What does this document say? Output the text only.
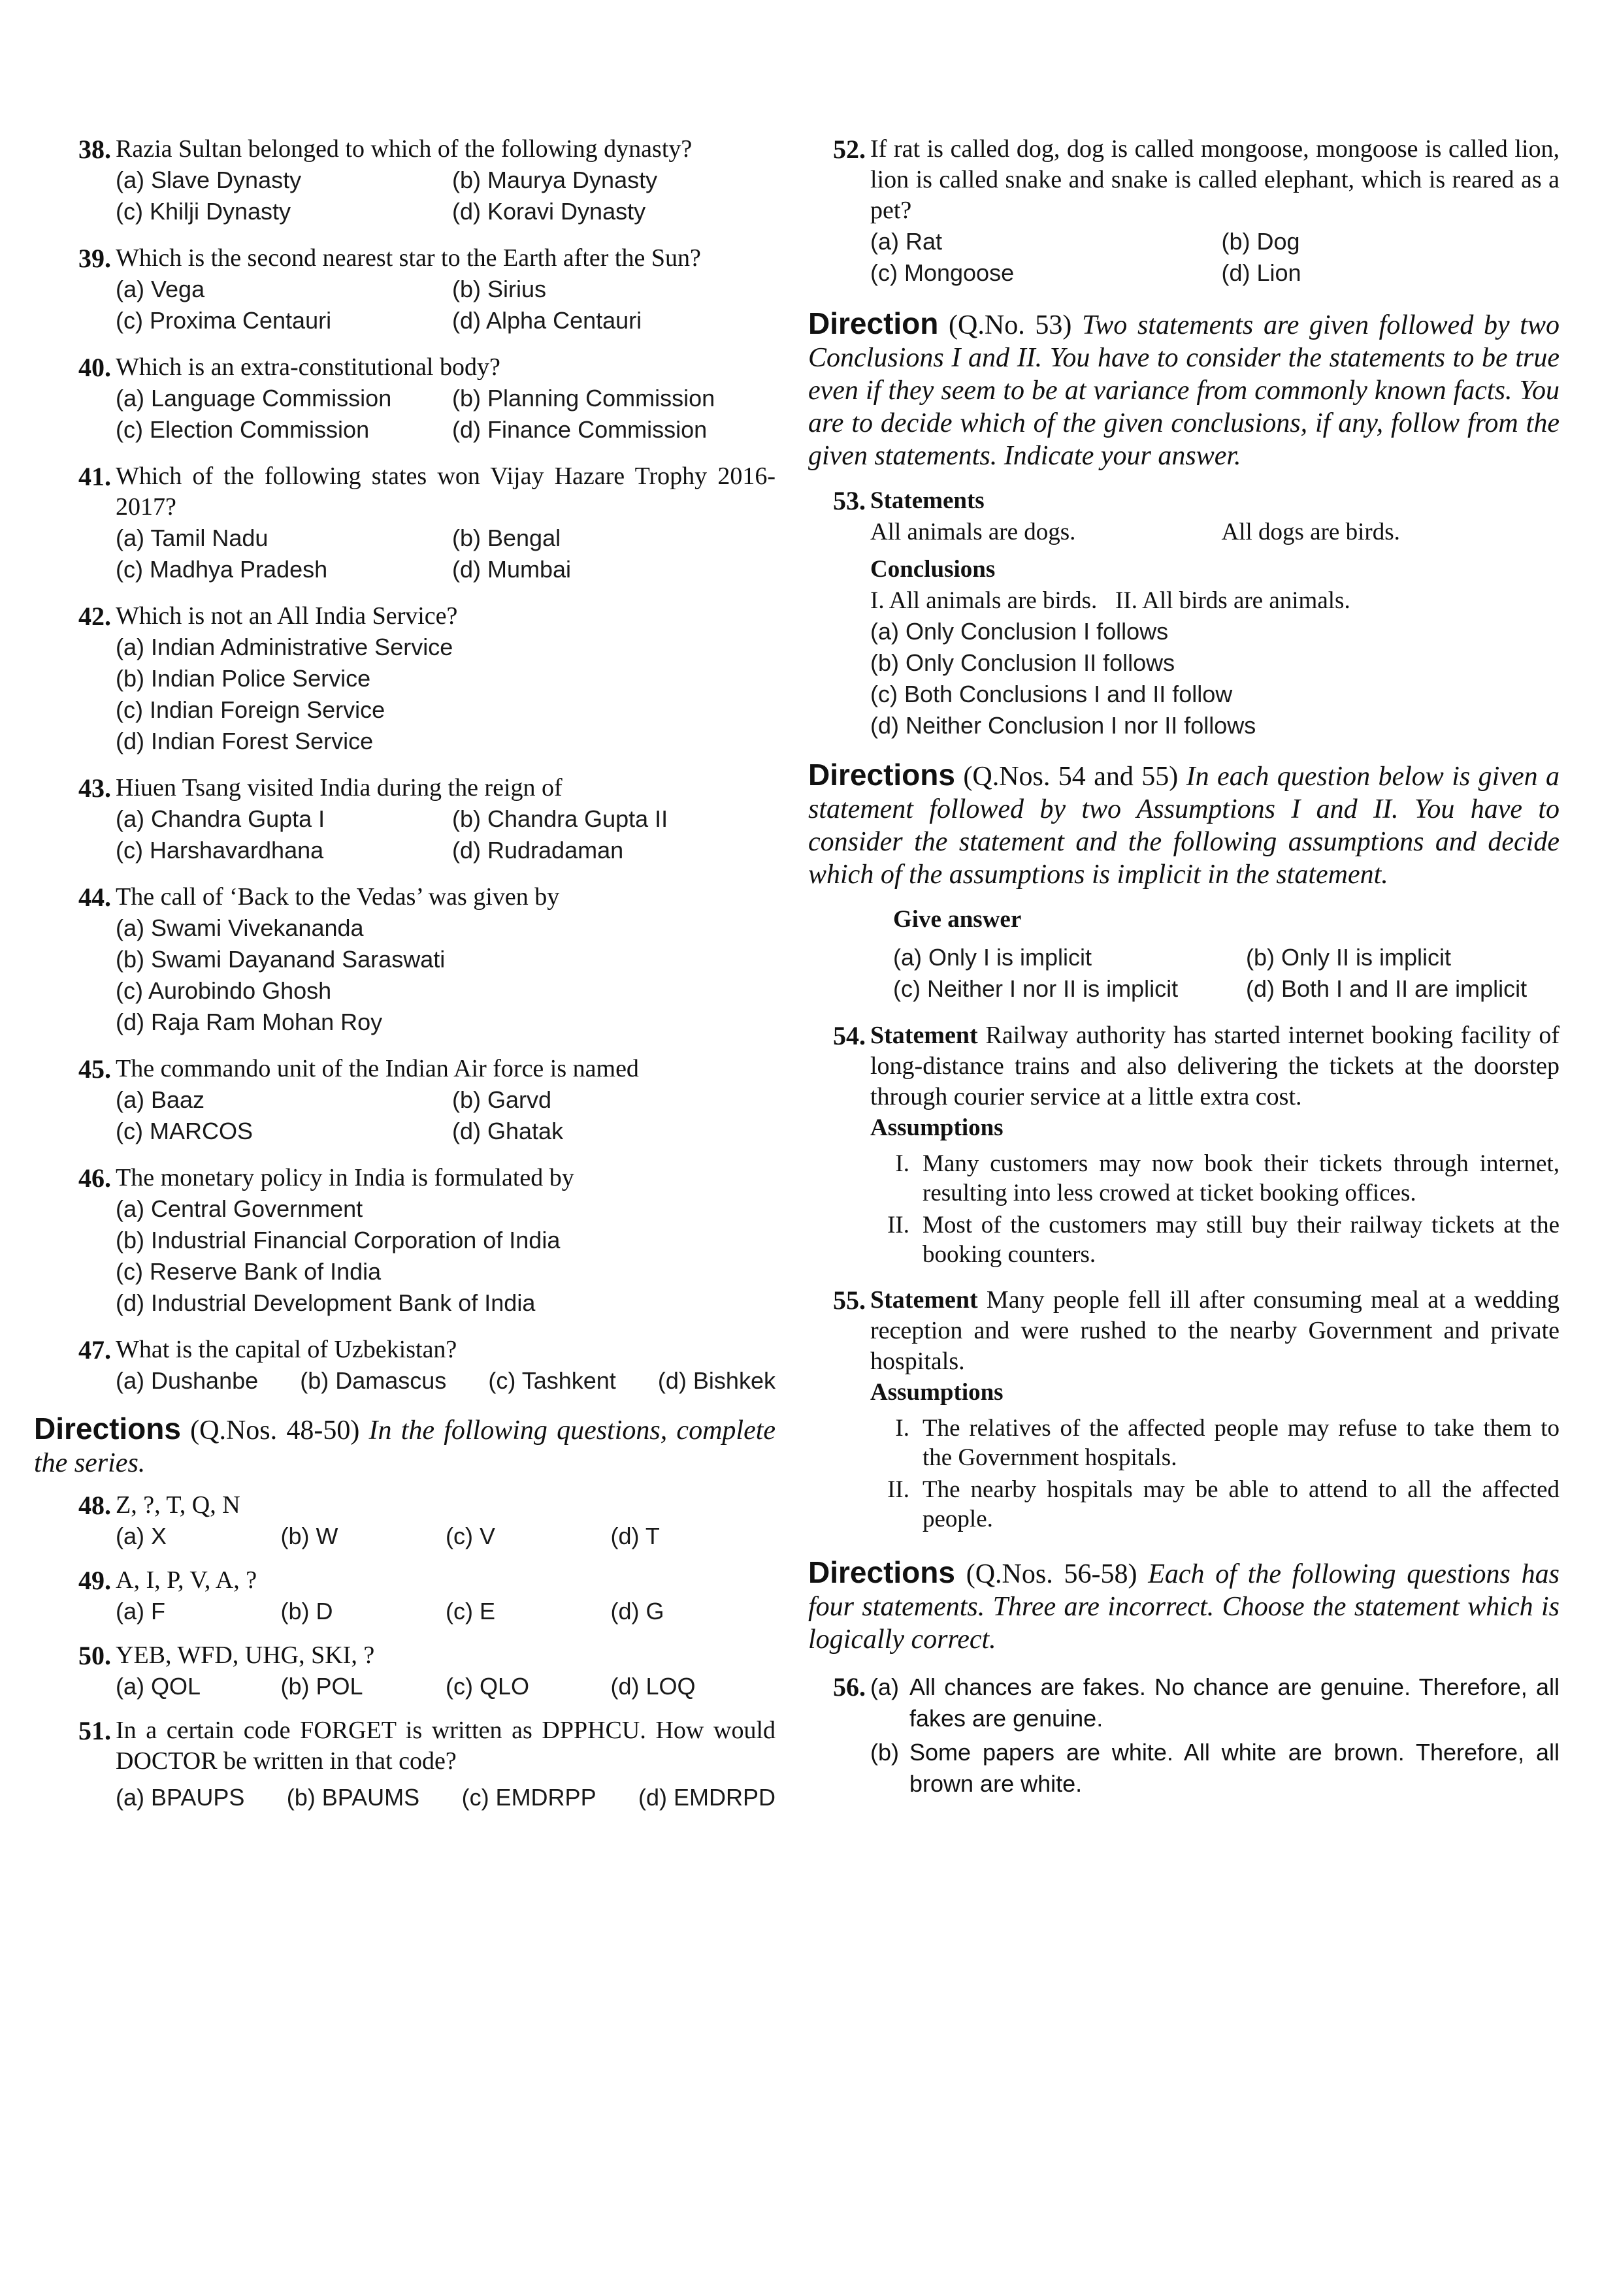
38. Razia Sultan belonged to which of the following dynasty?
(a) Slave Dynasty	(b) Maurya Dynasty
(c) Khilji Dynasty	(d) Koravi Dynasty
39. Which is the second nearest star to the Earth after the Sun?
(a) Vega	(b) Sirius
(c) Proxima Centauri	(d) Alpha Centauri
40. Which is an extra-constitutional body?
(a) Language Commission	(b) Planning Commission
(c) Election Commission	(d) Finance Commission
41. Which of the following states won Vijay Hazare Trophy 2016-2017?
(a) Tamil Nadu	(b) Bengal
(c) Madhya Pradesh	(d) Mumbai
42. Which is not an All India Service?
(a) Indian Administrative Service
(b) Indian Police Service
(c) Indian Foreign Service
(d) Indian Forest Service
43. Hiuen Tsang visited India during the reign of
(a) Chandra Gupta I	(b) Chandra Gupta II
(c) Harshavardhana	(d) Rudradaman
44. The call of ‘Back to the Vedas’ was given by
(a) Swami Vivekananda
(b) Swami Dayanand Saraswati
(c) Aurobindo Ghosh
(d) Raja Ram Mohan Roy
45. The commando unit of the Indian Air force is named
(a) Baaz	(b) Garvd
(c) MARCOS	(d) Ghatak
46. The monetary policy in India is formulated by
(a) Central Government
(b) Industrial Financial Corporation of India
(c) Reserve Bank of India
(d) Industrial Development Bank of India
47. What is the capital of Uzbekistan?
(a) Dushanbe (b) Damascus (c) Tashkent (d) Bishkek
Directions (Q.Nos. 48-50) In the following questions, complete the series.
48. Z, ?, T, Q, N
(a) X	(b) W	(c) V	(d) T
49. A, I, P, V, A, ?
(a) F	(b) D	(c) E	(d) G
50. YEB, WFD, UHG, SKI, ?
(a) QOL	(b) POL	(c) QLO	(d) LOQ
51. In a certain code FORGET is written as DPPHCU. How would DOCTOR be written in that code?
(a) BPAUPS (b) BPAUMS (c) EMDRPP (d) EMDRPD
52. If rat is called dog, dog is called mongoose, mongoose is called lion, lion is called snake and snake is called elephant, which is reared as a pet?
(a) Rat	(b) Dog
(c) Mongoose	(d) Lion
Direction (Q.No. 53) Two statements are given followed by two Conclusions I and II. You have to consider the statements to be true even if they seem to be at variance from commonly known facts. You are to decide which of the given conclusions, if any, follow from the given statements. Indicate your answer.
53. Statements
All animals are dogs.	All dogs are birds.
Conclusions
I. All animals are birds.   II. All birds are animals.
(a) Only Conclusion I follows
(b) Only Conclusion II follows
(c) Both Conclusions I and II follow
(d) Neither Conclusion I nor II follows
Directions (Q.Nos. 54 and 55) In each question below is given a statement followed by two Assumptions I and II. You have to consider the statement and the following assumptions and decide which of the assumptions is implicit in the statement.
Give answer
(a) Only I is implicit	(b) Only II is implicit
(c) Neither I nor II is implicit	(d) Both I and II are implicit
54. Statement Railway authority has started internet booking facility of long-distance trains and also delivering the tickets at the doorstep through courier service at a little extra cost.
Assumptions
I. Many customers may now book their tickets through internet, resulting into less crowed at ticket booking offices.
II. Most of the customers may still buy their railway tickets at the booking counters.
55. Statement Many people fell ill after consuming meal at a wedding reception and were rushed to the nearby Government and private hospitals.
Assumptions
I. The relatives of the affected people may refuse to take them to the Government hospitals.
II. The nearby hospitals may be able to attend to all the affected people.
Directions (Q.Nos. 56-58) Each of the following questions has four statements. Three are incorrect. Choose the statement which is logically correct.
56. (a) All chances are fakes. No chance are genuine. Therefore, all fakes are genuine.
(b) Some papers are white. All white are brown. Therefore, all brown are white.
